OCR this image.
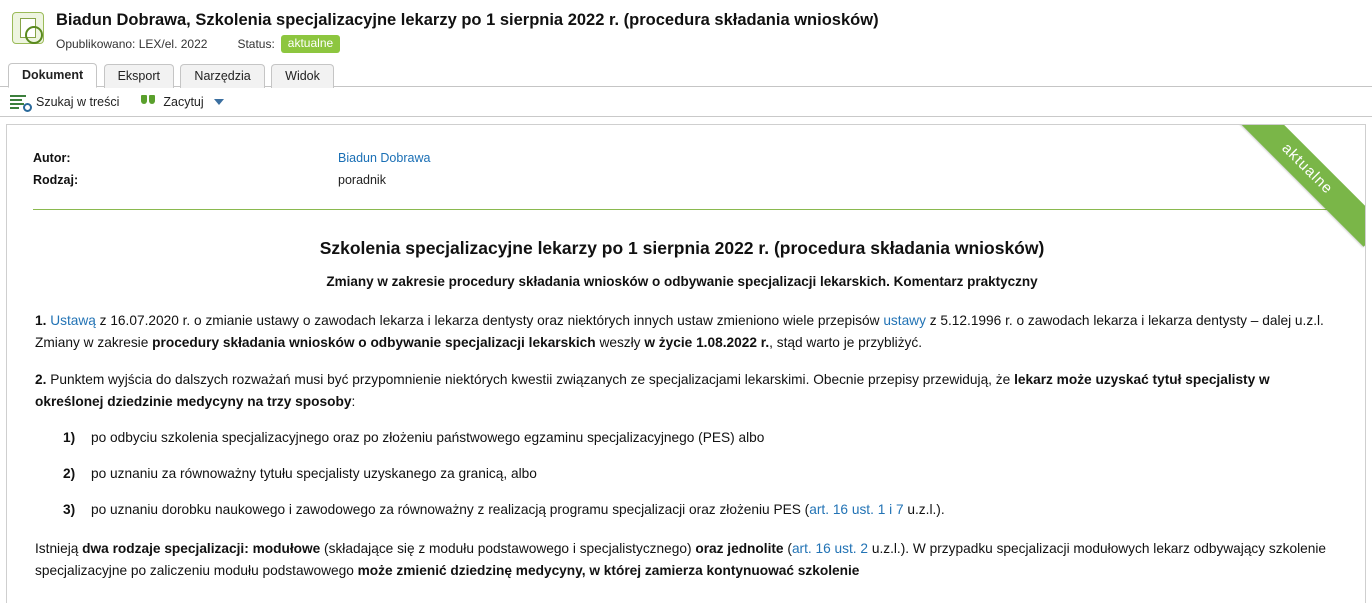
Biadun Dobrawa, Szkolenia specjalizacyjne lekarzy po 1 sierpnia 2022 r. (procedura składania wniosków)
Opublikowano: LEX/el. 2022	Status:	aktualne
Dokument	Eksport	Narzędzia	Widok
Szukaj w treści	Zacytuj
aktualne
Autor:	Biadun Dobrawa
Rodzaj:	poradnik
Szkolenia specjalizacyjne lekarzy po 1 sierpnia 2022 r. (procedura składania wniosków)
Zmiany w zakresie procedury składania wniosków o odbywanie specjalizacji lekarskich. Komentarz praktyczny

1. Ustawą z 16.07.2020 r. o zmianie ustawy o zawodach lekarza i lekarza dentysty oraz niektórych innych ustaw zmieniono wiele przepisów ustawy z 5.12.1996 r. o zawodach lekarza i lekarza dentysty – dalej u.z.l. Zmiany w zakresie procedury składania wniosków o odbywanie specjalizacji lekarskich weszły w życie 1.08.2022 r., stąd warto je przybliżyć.

2. Punktem wyjścia do dalszych rozważań musi być przypomnienie niektórych kwestii związanych ze specjalizacjami lekarskimi. Obecnie przepisy przewidują, że lekarz może uzyskać tytuł specjalisty w określonej dziedzinie medycyny na trzy sposoby:

1) po odbyciu szkolenia specjalizacyjnego oraz po złożeniu państwowego egzaminu specjalizacyjnego (PES) albo
2) po uznaniu za równoważny tytułu specjalisty uzyskanego za granicą, albo
3) po uznaniu dorobku naukowego i zawodowego za równoważny z realizacją programu specjalizacji oraz złożeniu PES (art. 16 ust. 1 i 7 u.z.l.).

Istnieją dwa rodzaje specjalizacji: modułowe (składające się z modułu podstawowego i specjalistycznego) oraz jednolite (art. 16 ust. 2 u.z.l.). W przypadku specjalizacji modułowych lekarz odbywający szkolenie specjalizacyjne po zaliczeniu modułu podstawowego może zmienić dziedzinę medycyny, w której zamierza kontynuować szkolenie
